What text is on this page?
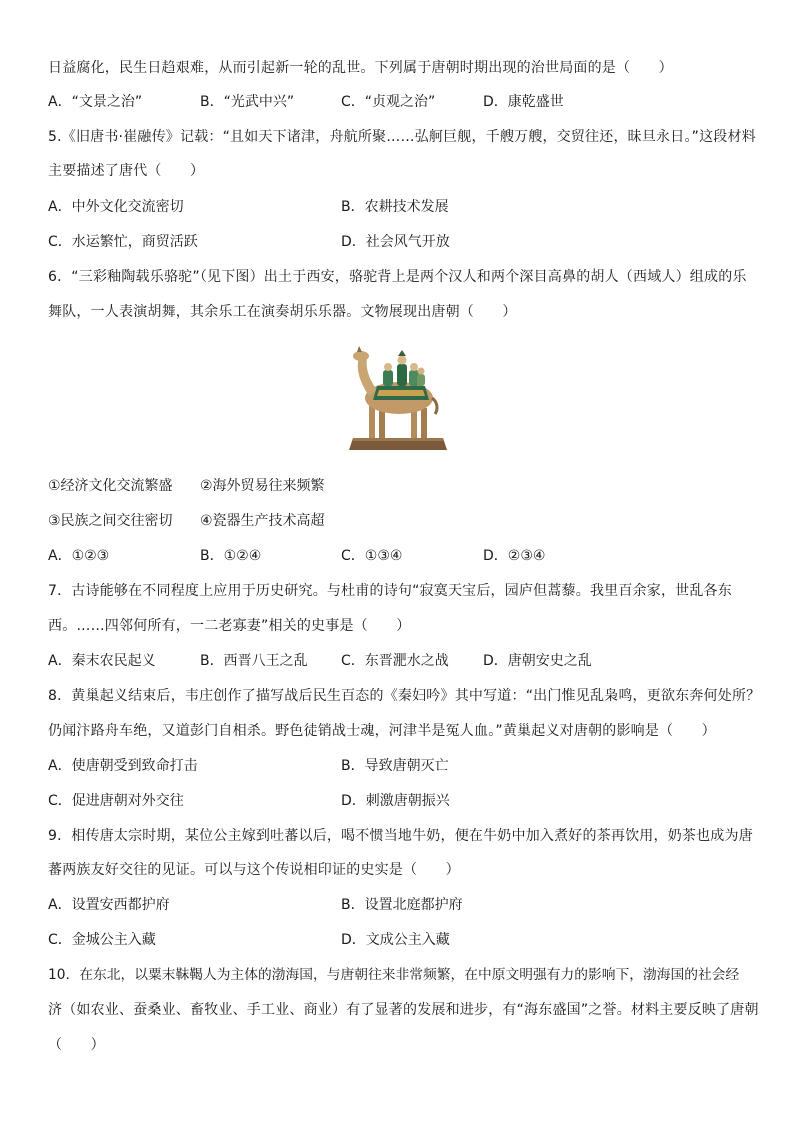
日益腐化，民生日趋艰难，从而引起新一轮的乱世。下列属于唐朝时期出现的治世局面的是（　　）
A．“文景之治”	B．“光武中兴”	C．“贞观之治”	D．康乾盛世
5.《旧唐书·崔融传》记载：“且如天下诸津，舟航所聚……弘舸巨舰，千艘万艘，交贸往还，昧旦永日。”这段材料
主要描述了唐代（　　）
A．中外文化交流密切	B．农耕技术发展
C．水运繁忙，商贸活跃	D．社会风气开放
6．“三彩釉陶载乐骆驼”（见下图）出土于西安，骆驼背上是两个汉人和两个深目高鼻的胡人（西域人）组成的乐
舞队，一人表演胡舞，其余乐工在演奏胡乐乐器。文物展现出唐朝（　　）
①经济文化交流繁盛 ②海外贸易往来频繁
③民族之间交往密切 ④瓷器生产技术高超
A．①②③	B．①②④	C．①③④	D．②③④
7．古诗能够在不同程度上应用于历史研究。与杜甫的诗句“寂寞天宝后，园庐但蒿藜。我里百余家，世乱各东
西。……四邻何所有，一二老寡妻”相关的史事是（　　）
A．秦末农民起义	B．西晋八王之乱 C．东晋淝水之战 D．唐朝安史之乱
8．黄巢起义结束后，韦庄创作了描写战后民生百态的《秦妇吟》其中写道：“出门惟见乱枭鸣，更欲东奔何处所？
仍闻汴路舟车绝，又道彭门自相杀。野色徒销战士魂，河津半是冤人血。”黄巢起义对唐朝的影响是（　　）
A．使唐朝受到致命打击	B．导致唐朝灭亡
C．促进唐朝对外交往	D．刺激唐朝振兴
9．相传唐太宗时期，某位公主嫁到吐蕃以后，喝不惯当地牛奶，便在牛奶中加入煮好的茶再饮用，奶茶也成为唐
蕃两族友好交往的见证。可以与这个传说相印证的史实是（　　）
A．设置安西都护府	B．设置北庭都护府
C．金城公主入藏	D．文成公主入藏
10．在东北，以粟末靺鞨人为主体的渤海国，与唐朝往来非常频繁，在中原文明强有力的影响下，渤海国的社会经
济（如农业、蚕桑业、畜牧业、手工业、商业）有了显著的发展和进步，有“海东盛国”之誉。材料主要反映了唐朝
（　　）
